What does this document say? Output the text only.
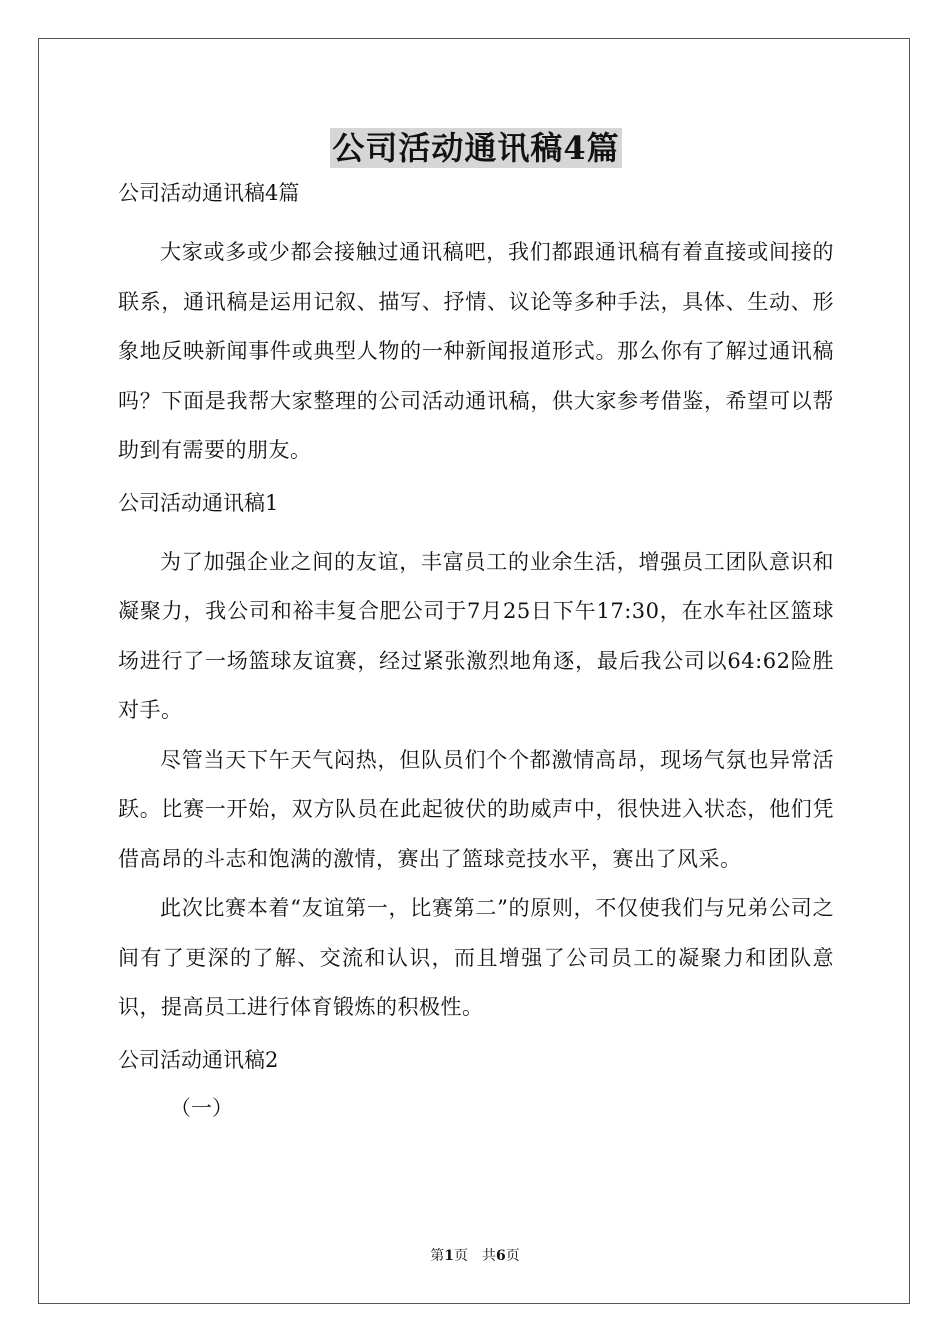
公司活动通讯稿4篇
公司活动通讯稿4篇

大家或多或少都会接触过通讯稿吧，我们都跟通讯稿有着直接或间接的联系，通讯稿是运用记叙、描写、抒情、议论等多种手法，具体、生动、形象地反映新闻事件或典型人物的一种新闻报道形式。那么你有了解过通讯稿吗？下面是我帮大家整理的公司活动通讯稿，供大家参考借鉴，希望可以帮助到有需要的朋友。

公司活动通讯稿1

为了加强企业之间的友谊，丰富员工的业余生活，增强员工团队意识和凝聚力，我公司和裕丰复合肥公司于7月25日下午17:30，在水车社区篮球场进行了一场篮球友谊赛，经过紧张激烈地角逐，最后我公司以64:62险胜对手。

尽管当天下午天气闷热，但队员们个个都激情高昂，现场气氛也异常活跃。比赛一开始，双方队员在此起彼伏的助威声中，很快进入状态，他们凭借高昂的斗志和饱满的激情，赛出了篮球竞技水平，赛出了风采。

此次比赛本着“友谊第一，比赛第二”的原则，不仅使我们与兄弟公司之间有了更深的了解、交流和认识，而且增强了公司员工的凝聚力和团队意识，提高员工进行体育锻炼的积极性。

公司活动通讯稿2
（一）
第1页　共6页
